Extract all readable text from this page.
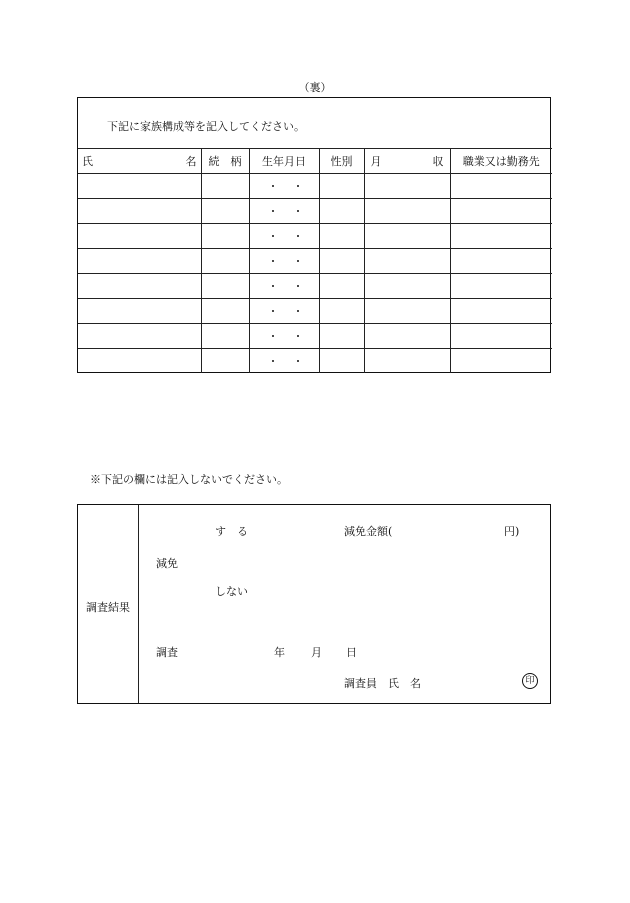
（裏）
下記に家族構成等を記入してください。
氏 名	続 柄	生年月日	性別	月 収	職業又は勤務先
		・・			
		・・			
		・・			
		・・			
		・・			
		・・			
		・・			
		・・			
※下記の欄には記入しないでください。
調査結果
す　る	減免金額(	円)
減免
しない
調査	年 月 日
調査員　氏　名	印
